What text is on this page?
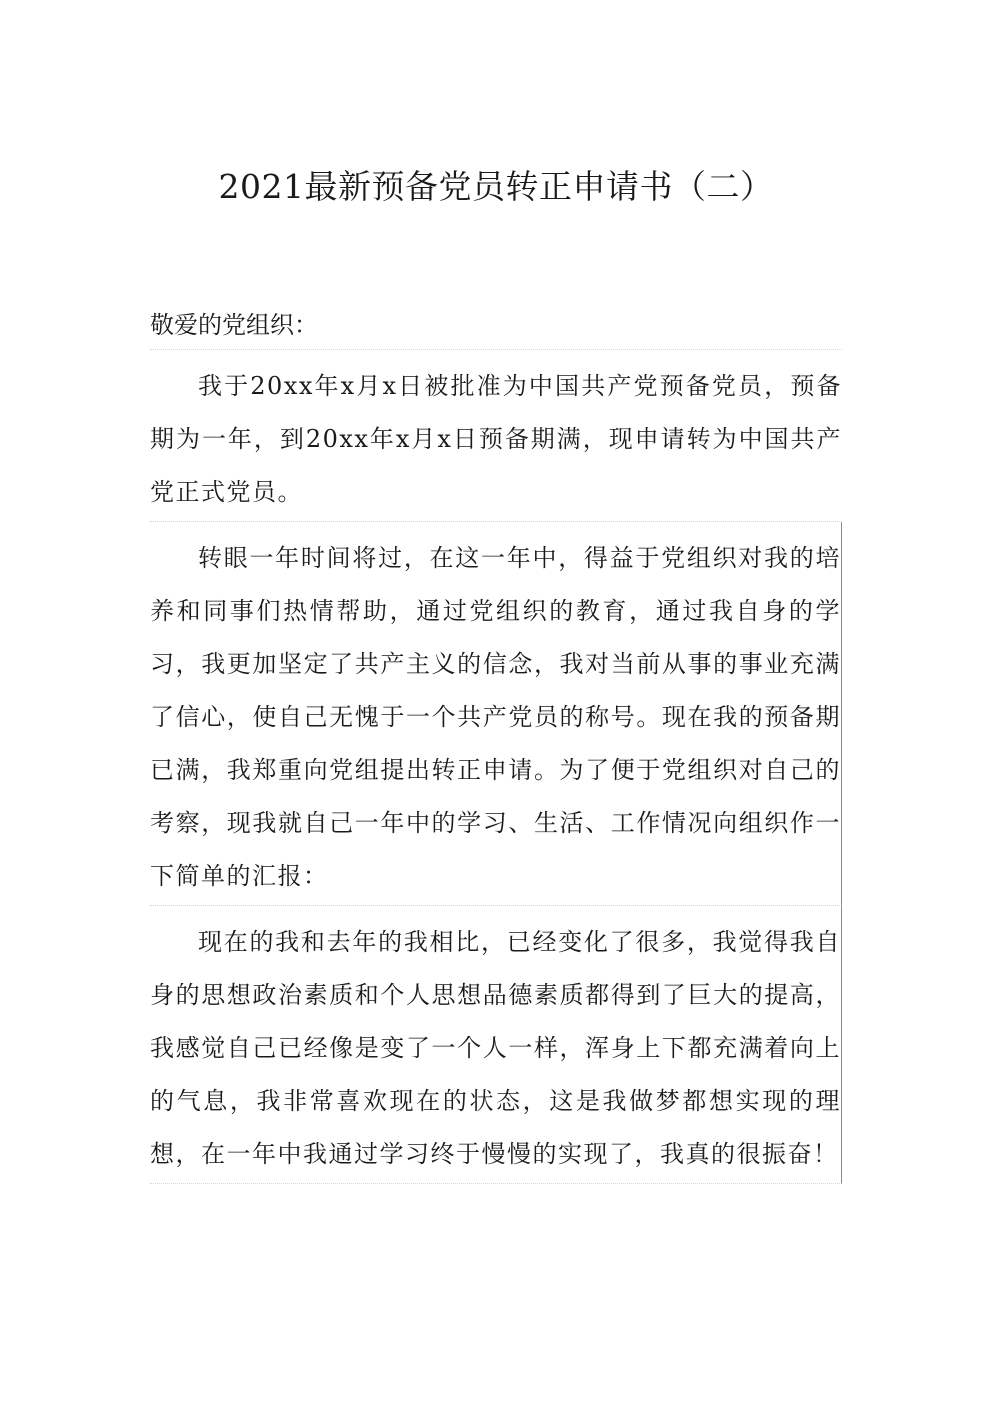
2021最新预备党员转正申请书（二）

敬爱的党组织：

我于20xx年x月x日被批准为中国共产党预备党员，预备期为一年，到20xx年x月x日预备期满，现申请转为中国共产党正式党员。

转眼一年时间将过，在这一年中，得益于党组织对我的培养和同事们热情帮助，通过党组织的教育，通过我自身的学习，我更加坚定了共产主义的信念，我对当前从事的事业充满了信心，使自己无愧于一个共产党员的称号。现在我的预备期已满，我郑重向党组提出转正申请。为了便于党组织对自己的考察，现我就自己一年中的学习、生活、工作情况向组织作一下简单的汇报：

现在的我和去年的我相比，已经变化了很多，我觉得我自身的思想政治素质和个人思想品德素质都得到了巨大的提高，我感觉自己已经像是变了一个人一样，浑身上下都充满着向上的气息，我非常喜欢现在的状态，这是我做梦都想实现的理想，在一年中我通过学习终于慢慢的实现了，我真的很振奋！
